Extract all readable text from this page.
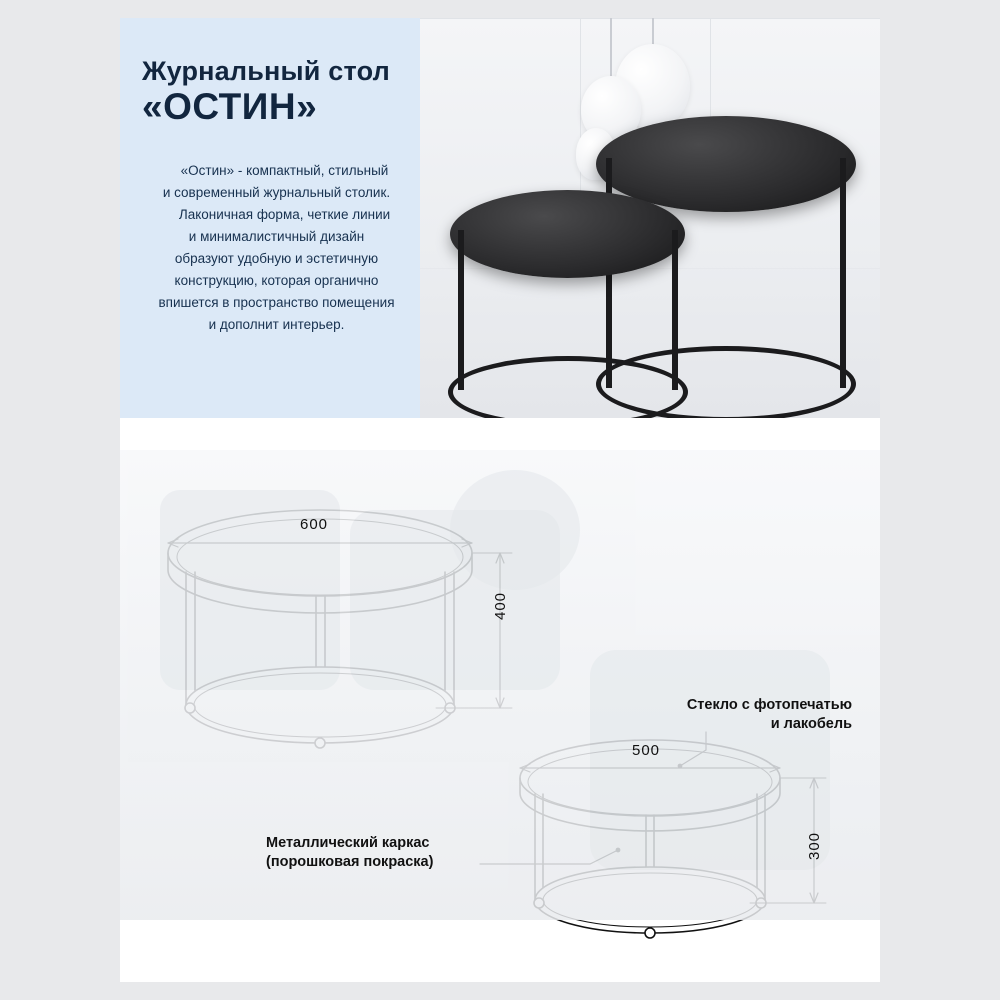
Журнальный стол
«ОСТИН»

«Остин» - компактный, стильный

и современный журнальный столик.

Лаконичная форма, четкие линии

и минималистичный дизайн

образуют удобную и эстетичную

конструкцию, которая органично

впишется в пространство помещения

и дополнит интерьер.

600
400
500
300
Стекло с фотопечатью
и лакобель
Металлический каркас
(порошковая покраска)
